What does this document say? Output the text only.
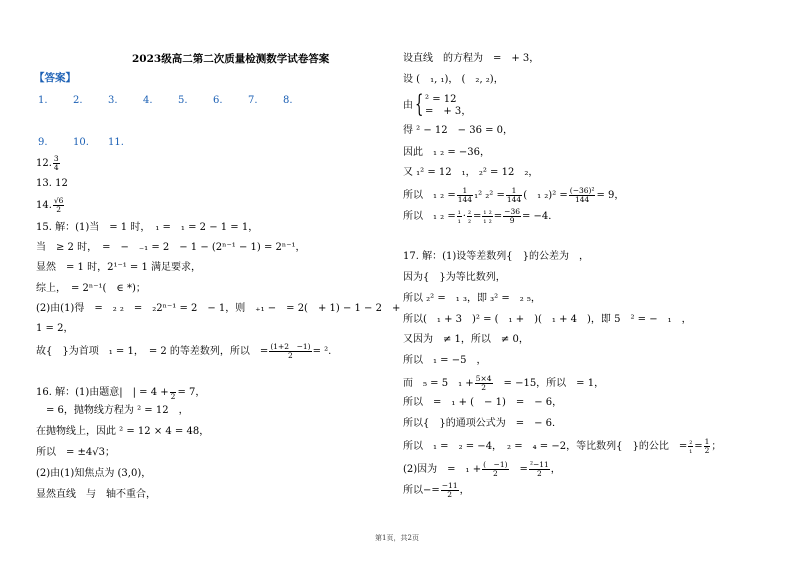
2023级高二第二次质量检测数学试卷答案
【答案】
1.	2.	3.	4.	5.	6.	7.	8.
9.	10. 11.
12. $\frac{3}{4}$
13. 12
14. $\frac{√6}{2}$
15. 解：(1)当　= 1 时，　₁ =　₁ = 2 − 1 = 1，
当　≥ 2 时，　=　−　₋₁ = 2　− 1 − (2ⁿ⁻¹ − 1) = 2ⁿ⁻¹，
显然　= 1 时，2¹⁻¹ = 1 满足要求，
综上，　= 2ⁿ⁻¹(　∈ *)；
(2)由(1)得　=　₂ ₂　=　₂2ⁿ⁻¹ = 2　− 1，则　₊₁ −　= 2(　+ 1) − 1 − 2　+
1 = 2，
故{　}为首项　₁ = 1，　= 2 的等差数列，所以　= $\frac{(1+2 -1)}{2} = ^2$.
16. 解：(1)由题意|　| = 4 + 2 = 7，
　= 6，抛物线方程为 ² = 12　，
在抛物线上，因此 ² = 12 × 4 = 48，
所以　= ±4√3；
(2)由(1)知焦点为 (3,0)，
显然直线　与　轴不重合，
设直线　的方程为　=　+ 3，
设 (　₁, ₁)， (　₂, ₂)，
由 { ² = 12
=　+ 3，
得 ² − 12　− 36 = 0，
因此　₁ ₂ = −36，
又 ₁² = 12　₁， ₂² = 12　₂，
所以　₁ $_2 = \frac{1}{144} _1^2$ $_2^2 = \frac{1}{144}$ (　₁ $_2)^2 = \frac{\text{(−36)²}}{144} = 9$，
所以　₁ $_2 = \frac{\text{₁}}{\text{₁}} \cdot \frac{\text{₂}}{\text{₂}} = \frac{\text{₁ ₂}}{\text{₁ ₂}} = \frac{-36}{9} = -4$．
17. 解：(1)设等差数列{　}的公差为　，
因为{　}为等比数列，
所以 ₂² =　₁ ₃，即 ₃² =　₂ ₅，
所以(　₁ + 3　)² = (　₁ +　)(　₁ + 4　)，即 5　² = −　₁　，
又因为　≠ 1，所以　≠ 0，
所以　₁ = −5　，
而　₅ = 5　$_1 + \frac{5\times 4}{2}$ 　= −15，所以　= 1，
所以　=　₁ + (　− 1)　=　− 6，
所以{　}的通项公式为　=　− 6．
所以　₁ =　₂ = −4，　₂ =　₄ = −2，等比数列{　}的公比　= $\frac{\text{₂}}{\text{₁}} = \frac{1}{2}$ ；
(2)因为　=　$_1 + \frac{( -1)}{2}$ 　= $\frac{\text{²−11}}{2}$ ，
所以−= $\frac{-11}{2}$ ，
第1页，共2页
